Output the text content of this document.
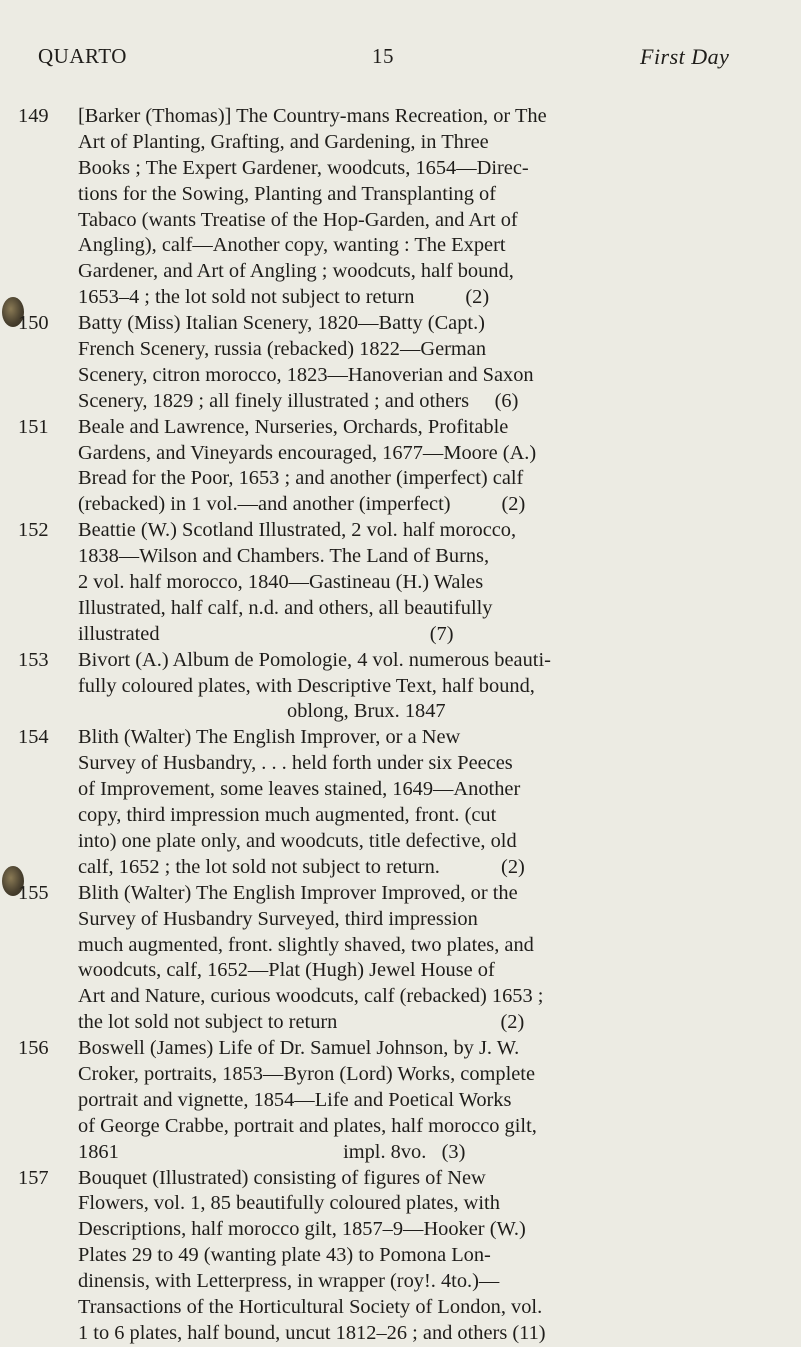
QUARTO	15	First Day
149	[Barker (Thomas)] The Country-mans Recreation, or The
Art of Planting, Grafting, and Gardening, in Three
Books ; The Expert Gardener, woodcuts, 1654—Direc-
tions for the Sowing, Planting and Transplanting of
Tabaco (wants Treatise of the Hop-Garden, and Art of
Angling), calf—Another copy, wanting : The Expert
Gardener, and Art of Angling ; woodcuts, half bound,
1653–4 ; the lot sold not subject to return          (2)
150	Batty (Miss) Italian Scenery, 1820—Batty (Capt.)
French Scenery, russia (rebacked) 1822—German
Scenery, citron morocco, 1823—Hanoverian and Saxon
Scenery, 1829 ; all finely illustrated ; and others     (6)
151	Beale and Lawrence, Nurseries, Orchards, Profitable
Gardens, and Vineyards encouraged, 1677—Moore (A.)
Bread for the Poor, 1653 ; and another (imperfect) calf
(rebacked) in 1 vol.—and another (imperfect)          (2)
152	Beattie (W.) Scotland Illustrated, 2 vol. half morocco,
1838—Wilson and Chambers. The Land of Burns,
2 vol. half morocco, 1840—Gastineau (H.) Wales
Illustrated, half calf, n.d. and others, all beautifully
illustrated                                                     (7)
153	Bivort (A.) Album de Pomologie, 4 vol. numerous beauti-
fully coloured plates, with Descriptive Text, half bound,
oblong, Brux. 1847
154	Blith (Walter) The English Improver, or a New
Survey of Husbandry, . . . held forth under six Peeces
of Improvement, some leaves stained, 1649—Another
copy, third impression much augmented, front. (cut
into) one plate only, and woodcuts, title defective, old
calf, 1652 ; the lot sold not subject to return.            (2)
155	Blith (Walter) The English Improver Improved, or the
Survey of Husbandry Surveyed, third impression
much augmented, front. slightly shaved, two plates, and
woodcuts, calf, 1652—Plat (Hugh) Jewel House of
Art and Nature, curious woodcuts, calf (rebacked) 1653 ;
the lot sold not subject to return                                (2)
156	Boswell (James) Life of Dr. Samuel Johnson, by J. W.
Croker, portraits, 1853—Byron (Lord) Works, complete
portrait and vignette, 1854—Life and Poetical Works
of George Crabbe, portrait and plates, half morocco gilt,
1861                                            impl. 8vo.   (3)
157	Bouquet (Illustrated) consisting of figures of New
Flowers, vol. 1, 85 beautifully coloured plates, with
Descriptions, half morocco gilt, 1857–9—Hooker (W.)
Plates 29 to 49 (wanting plate 43) to Pomona Lon-
dinensis, with Letterpress, in wrapper (roy!. 4to.)—
Transactions of the Horticultural Society of London, vol.
1 to 6 plates, half bound, uncut 1812–26 ; and others (11)
